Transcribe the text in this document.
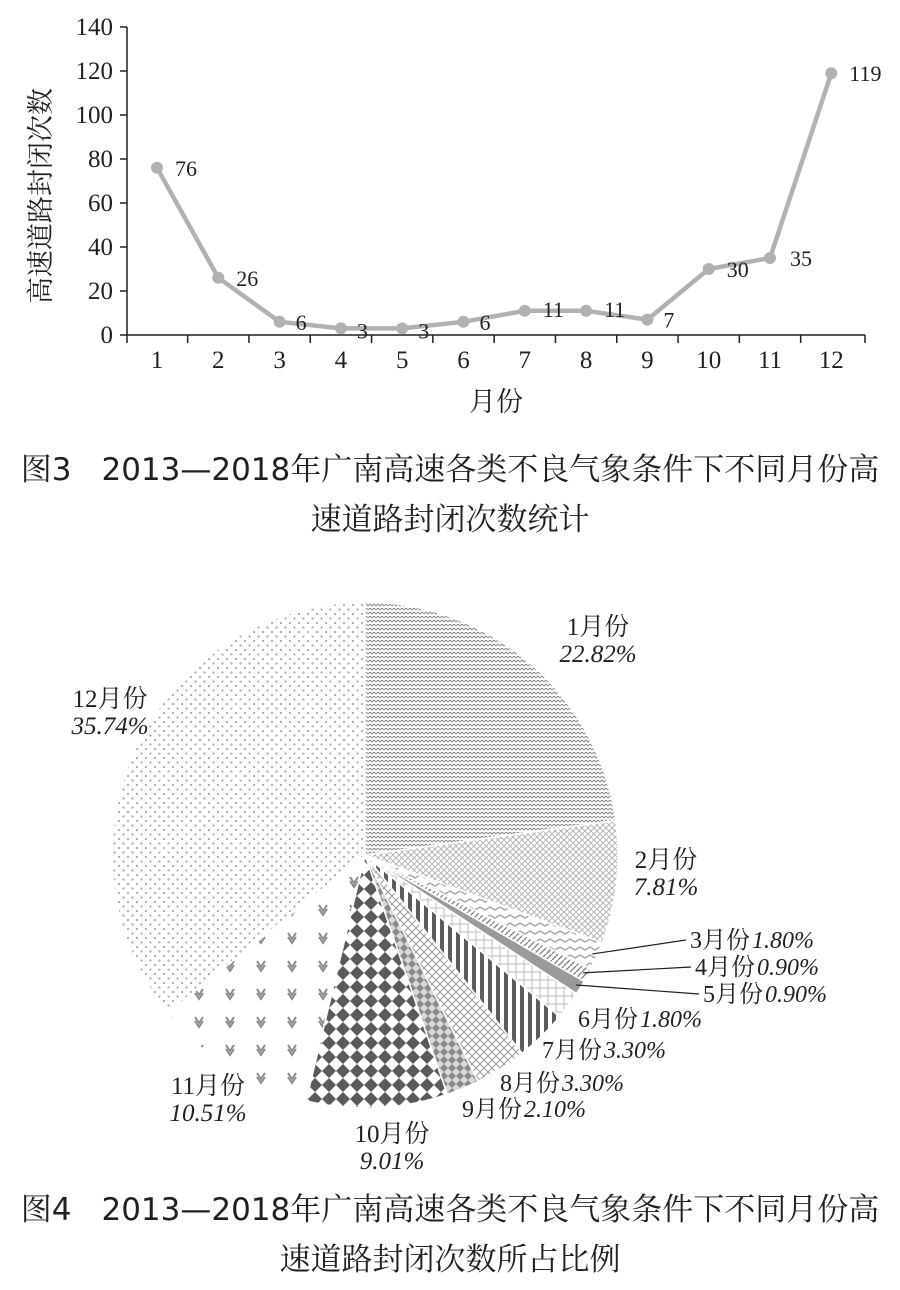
0
20
40
60
80
100
120
140
1 2 3 4 5 6 7 8 9 10 11 12
月份
高速道路封闭次数	76
26
6 3 3 6
11 11 7
30 35
119
1月份
22.82%
2月份
7.81%
10月份
9.01%
11月份
10.51%
12月份
35.74%
3月份 1.80%
4月份 0.90%
5月份 0.90%
6月份 1.80%
7月份 3.30%
8月份 3.30%
9月份 2.10%
图3 2013—2018年广南高速各类不良气象条件下不同月份高
速道路封闭次数统计
图4 2013—2018年广南高速各类不良气象条件下不同月份高
速道路封闭次数所占比例
